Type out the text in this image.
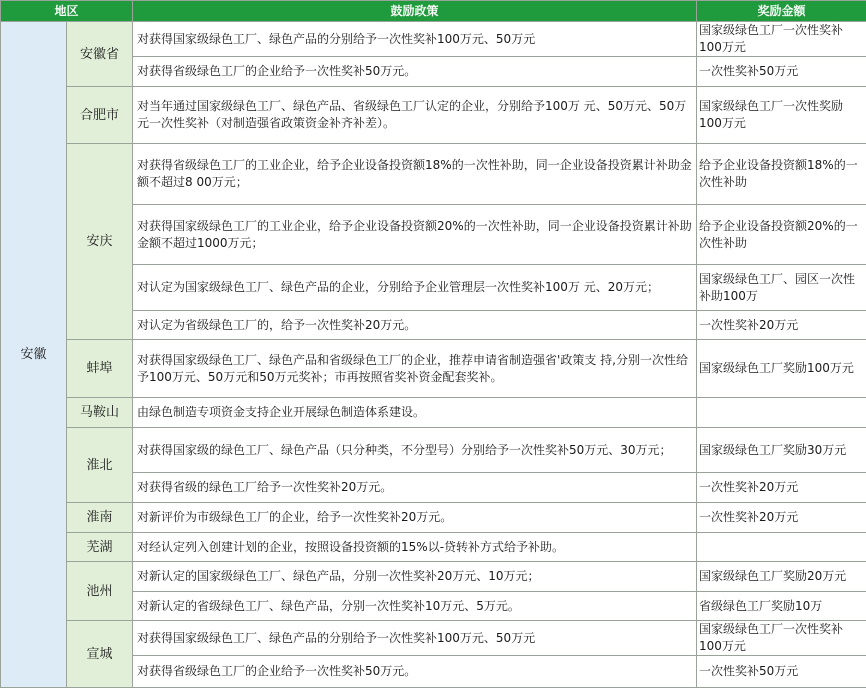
地区		鼓励政策	奖励金额
安徽	安徽省	对获得国家级绿色工厂、绿色产品的分别给予一次性奖补100万元、50万元	国家级绿色工厂一次性奖补100万元
		对获得省级绿色工厂的企业给予一次性奖补50万元。	一次性奖补50万元
	合肥市	对当年通过国家级绿色工厂、绿色产品、省级绿色工厂认定的企业，分别给予100万 元、50万元、50万元一次性奖补（对制造强省政策资金补齐补差）。	国家级绿色工厂一次性奖励100万元
	安庆	对获得省级绿色工厂的工业企业，给予企业设备投资额18%的一次性补助，同一企业设备投资累计补助金额不超过8 00万元；	给予企业设备投资额18%的一次性补助
		对获得国家级绿色工厂的工业企业，给予企业设备投资额20%的一次性补助，同一企业设备投资累计补助金额不超过1000万元；	给予企业设备投资额20%的一次性补助
		对认定为国家级绿色工厂、绿色产品的企业，分别给予企业管理层一次性奖补100万 元、20万元；	国家级绿色工厂、园区一次性补助100万
		对认定为省级绿色工厂的，给予一次性奖补20万元。	一次性奖补20万元
	蚌埠	对获得国家级绿色工厂、绿色产品和省级绿色工厂的企业，推荐申请省制造强省'政策支 持,分别一次性给予100万元、50万元和50万元奖补；市再按照省奖补资金配套奖补。	国家级绿色工厂奖励100万元
	马鞍山	由绿色制造专项资金支持企业开展绿色制造体系建设。	
	淮北	对获得国家级的绿色工厂、绿色产品（只分种类，不分型号）分别给予一次性奖补50万元、30万元；	国家级绿色工厂奖励30万元
		对获得省级的绿色工厂给予一次性奖补20万元。	一次性奖补20万元
	淮南	对新评价为市级绿色工厂的企业，给予一次性奖补20万元。	一次性奖补20万元
	芜湖	对经认定列入创建计划的企业，按照设备投资额的15%以-贷转补方式给予补助。	
	池州	对新认定的国家级绿色工厂、绿色产品，分别一次性奖补20万元、10万元；	国家级绿色工厂奖励20万元
		对新认定的省级绿色工厂、绿色产品，分别一次性奖补10万元、5万元。	省级绿色工厂奖励10万
	宣城	对获得国家级绿色工厂、绿色产品的分别给予一次性奖补100万元、50万元	国家级绿色工厂一次性奖补100万元
		对获得省级绿色工厂的企业给予一次性奖补50万元。	一次性奖补50万元
